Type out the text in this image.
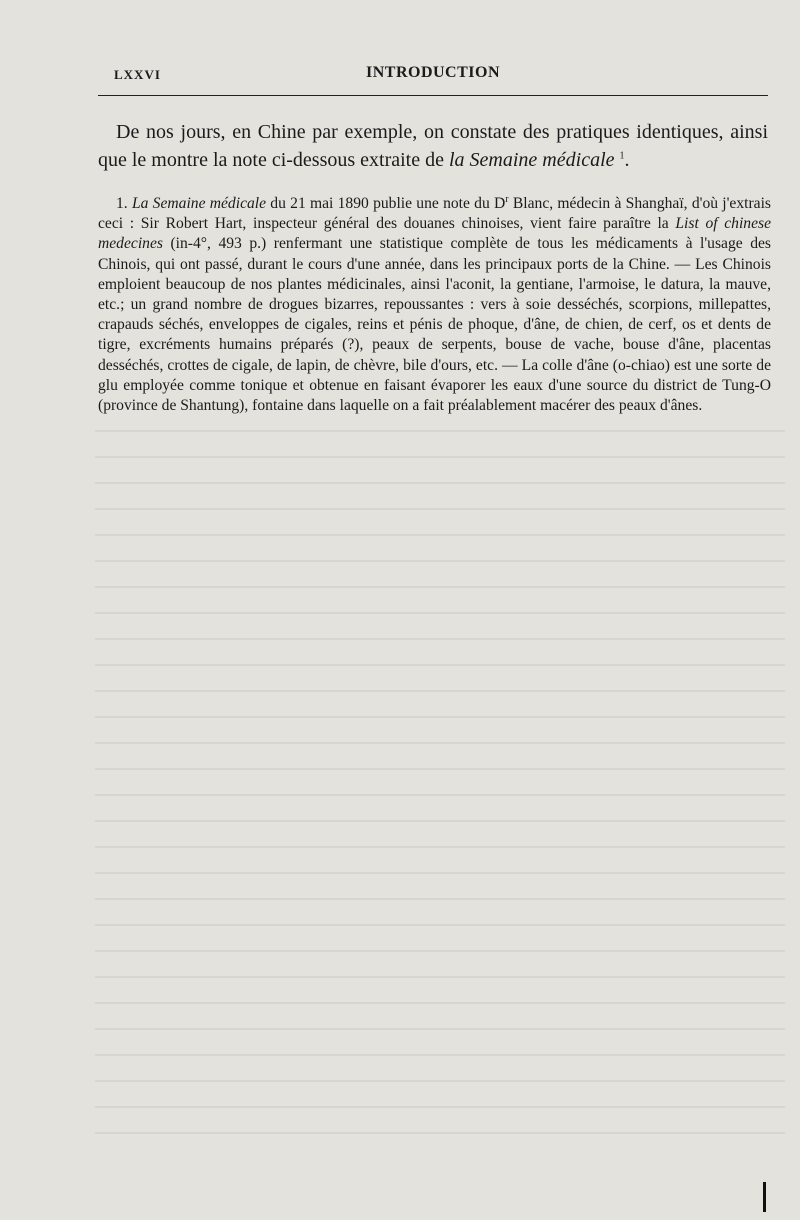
LXXVI	INTRODUCTION

De nos jours, en Chine par exemple, on constate des pratiques identiques, ainsi que le montre la note ci-dessous extraite de la Semaine médicale $^1$.

1. La Semaine médicale du 21 mai 1890 publie une note du $D^r$ Blanc, médecin à Shanghaï, d'où j'extrais ceci : Sir Robert Hart, inspecteur général des douanes chinoises, vient faire paraître la List of chinese medecines (in-4°, 493 p.) renfermant une statistique complète de tous les médicaments à l'usage des Chinois, qui ont passé, durant le cours d'une année, dans les principaux ports de la Chine. — Les Chinois emploient beaucoup de nos plantes médicinales, ainsi l'aconit, la gentiane, l'armoise, le datura, la mauve, etc.; un grand nombre de drogues bizarres, repoussantes : vers à soie desséchés, scorpions, millepattes, crapauds séchés, enveloppes de cigales, reins et pénis de phoque, d'âne, de chien, de cerf, os et dents de tigre, excréments humains préparés (?), peaux de serpents, bouse de vache, bouse d'âne, placentas desséchés, crottes de cigale, de lapin, de chèvre, bile d'ours, etc. — La colle d'âne (o-chiao) est une sorte de glu employée comme tonique et obtenue en faisant évaporer les eaux d'une source du district de Tung-O (province de Shantung), fontaine dans laquelle on a fait préalablement macérer des peaux d'ânes.
